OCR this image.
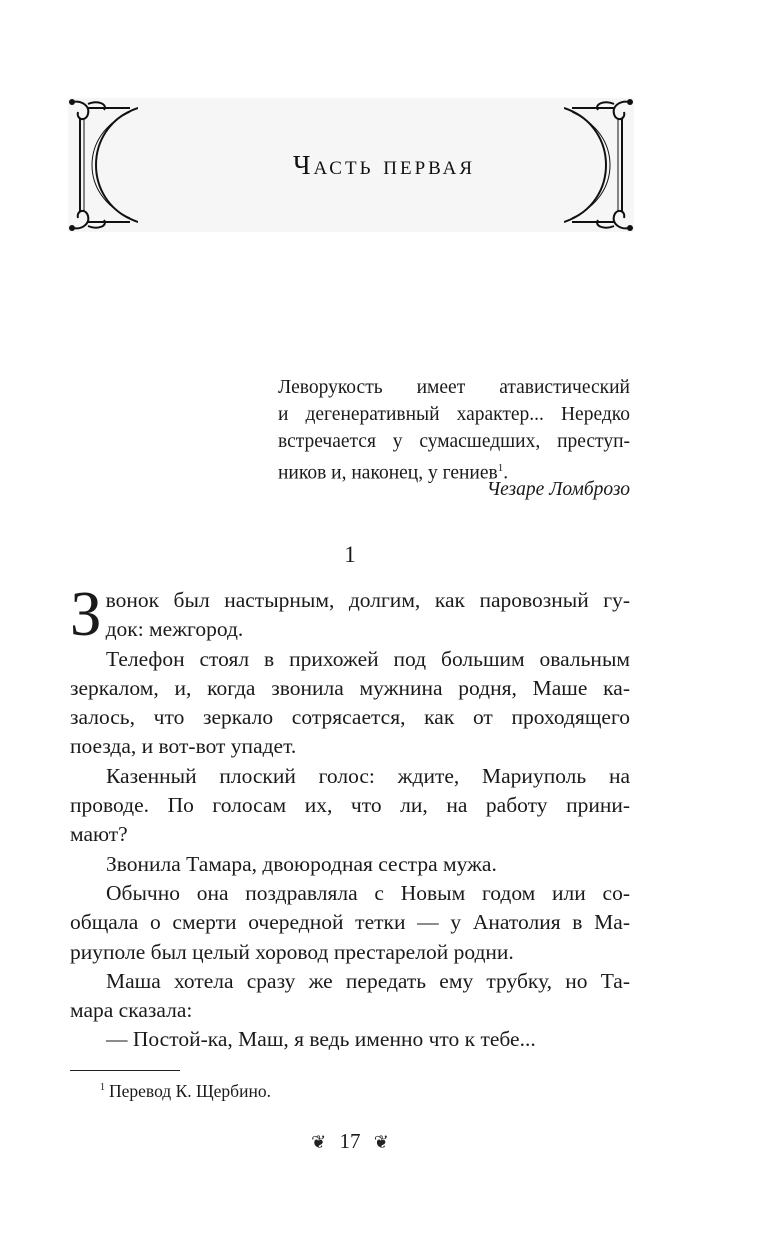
Часть первая
Леворукость имеет атавистический
и дегенеративный характер... Нередко
встречается у сумасшедших, преступ-
ников и, наконец, у гениев$^1$.
Чезаре Ломброзо
1
З вонок был настырным, долгим, как паровозный гу-
док: межгород.
Телефон стоял в прихожей под большим овальным
зеркалом, и, когда звонила мужнина родня, Маше ка-
залось, что зеркало сотрясается, как от проходящего
поезда, и вот-вот упадет.
Казенный плоский голос: ждите, Мариуполь на
проводе. По голосам их, что ли, на работу прини-
мают?
Звонила Тамара, двоюродная сестра мужа.
Обычно она поздравляла с Новым годом или со-
общала о смерти очередной тетки — у Анатолия в Ма-
риуполе был целый хоровод престарелой родни.
Маша хотела сразу же передать ему трубку, но Та-
мара сказала:
— Постой-ка, Маш, я ведь именно что к тебе...
$^1$ Перевод К. Щербино.
❦ 17 ❦
